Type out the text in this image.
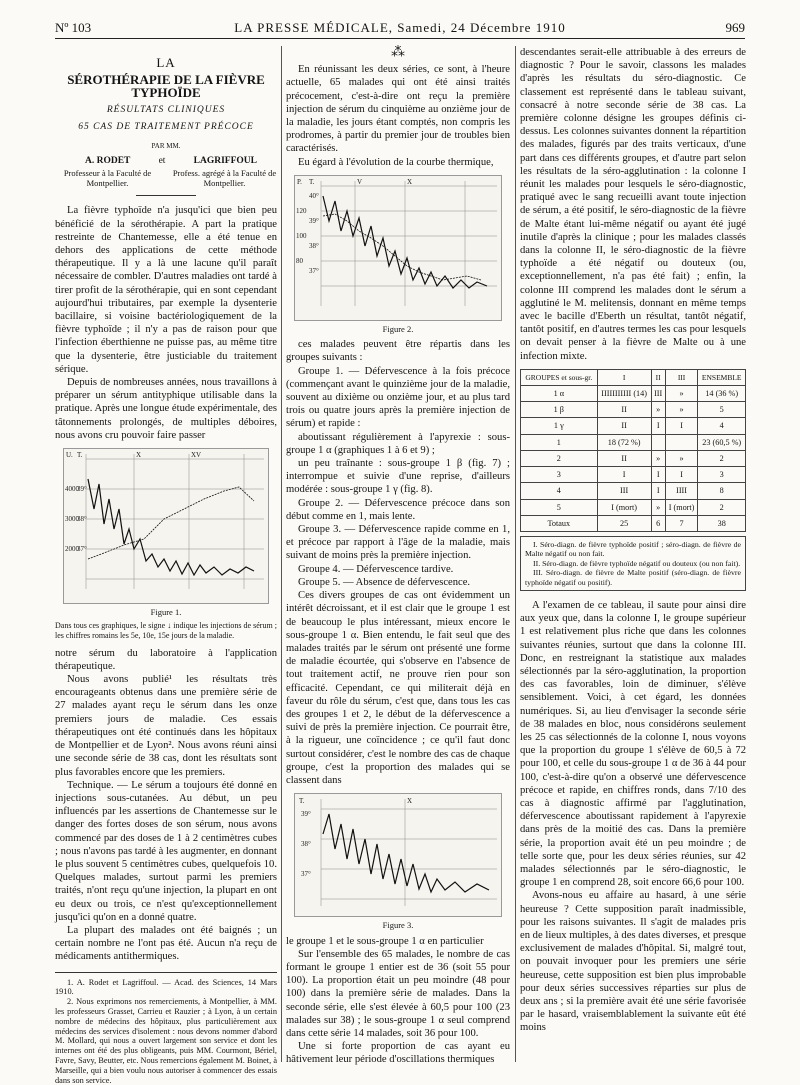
Nº 103	LA PRESSE MÉDICALE, Samedi, 24 Décembre 1910	969
LA
SÉROTHÉRAPIE DE LA FIÈVRE TYPHOÏDE
RÉSULTATS CLINIQUES
65 CAS DE TRAITEMENT PRÉCOCE
PAR MM.
A. RODET	et	LAGRIFFOUL
Professeur à la Faculté de Montpellier.
Profess. agrégé à la Faculté de Montpellier.

La fièvre typhoïde n'a jusqu'ici que bien peu bénéficié de la sérothérapie. A part la pratique restreinte de Chantemesse, elle a été tenue en dehors des applications de cette méthode thérapeutique. Il y a là une lacune qu'il paraît nécessaire de combler. D'autres maladies ont tardé à tirer profit de la sérothérapie, qui en sont cependant aujourd'hui tributaires, par exemple la dysenterie bacillaire, si voisine bactériologiquement de la fièvre typhoïde ; il n'y a pas de raison pour que l'infection éberthienne ne puisse pas, au même titre que la dysenterie, être justiciable du traitement sérique.

Depuis de nombreuses années, nous travaillons à préparer un sérum antityphique utilisable dans la pratique. Après une longue étude expérimentale, des tâtonnements prolongés, de multiples déboires, nous avons cru pouvoir faire passer

U. T.
4000
39°
3000
38°
2000
37°
X	XV

Figure 1.

Dans tous ces graphiques, le signe ↓ indique les injections de sérum ; les chiffres romains les 5e, 10e, 15e jours de la maladie.

notre sérum du laboratoire à l'application thérapeutique.

Nous avons publié¹ les résultats très encourageants obtenus dans une première série de 27 malades ayant reçu le sérum dans les onze premiers jours de maladie. Ces essais thérapeutiques ont été continués dans les hôpitaux de Montpellier et de Lyon². Nous avons réuni ainsi une seconde série de 38 cas, dont les résultats sont plus favorables encore que les premiers.

Technique. — Le sérum a toujours été donné en injections sous-cutanées. Au début, un peu influencés par les assertions de Chantemesse sur le danger des fortes doses de son sérum, nous avons commencé par des doses de 1 à 2 centimètres cubes ; nous n'avons pas tardé à les augmenter, en donnant le plus souvent 5 centimètres cubes, quelquefois 10. Quelques malades, surtout parmi les premiers traités, n'ont reçu qu'une injection, la plupart en ont eu deux ou trois, ce n'est qu'exceptionnellement jusqu'ici qu'on en a donné quatre.

La plupart des malades ont été baignés ; un certain nombre ne l'ont pas été. Aucun n'a reçu de médicaments antithermiques.

1. A. Rodet et Lagriffoul. — Acad. des Sciences, 14 Mars 1910.

2. Nous exprimons nos remerciements, à Montpellier, à MM. les professeurs Grasset, Carrieu et Rauzier ; à Lyon, à un certain nombre de médecins des hôpitaux, plus particulièrement aux médecins des services d'isolement : nous devons nommer d'abord M. Mollard, qui nous a ouvert largement son service et dont les internes ont été des plus obligeants, puis MM. Courmont, Bériel, Favre, Savy, Beutter, etc. Nous remercions également M. Boinet, à Marseille, qui a bien voulu nous autoriser à commencer des essais dans son service.

⁂

En réunissant les deux séries, ce sont, à l'heure actuelle, 65 malades qui ont été ainsi traités précocement, c'est-à-dire ont reçu la première injection de sérum du cinquième au onzième jour de la maladie, les jours étant comptés, non compris les prodromes, à partir du premier jour de troubles bien caractérisés.

Eu égard à l'évolution de la courbe thermique,

P. T.
40°
120
39°
100
38°
80
37°
V	X

Figure 2.

ces malades peuvent être répartis dans les groupes suivants :

Groupe 1. — Défervescence à la fois précoce (commençant avant le quinzième jour de la maladie, souvent au dixième ou onzième jour, et au plus tard trois ou quatre jours après la première injection de sérum) et rapide :

aboutissant régulièrement à l'apyrexie : sous-groupe 1 α (graphiques 1 à 6 et 9) ;

un peu traînante : sous-groupe 1 β (fig. 7) ; interrompue et suivie d'une reprise, d'ailleurs modérée : sous-groupe 1 γ (fig. 8).

Groupe 2. — Défervescence précoce dans son début comme en 1, mais lente.

Groupe 3. — Défervescence rapide comme en 1, et précoce par rapport à l'âge de la maladie, mais suivant de moins près la première injection.

Groupe 4. — Défervescence tardive.

Groupe 5. — Absence de défervescence.

Ces divers groupes de cas ont évidemment un intérêt décroissant, et il est clair que le groupe 1 est de beaucoup le plus intéressant, mieux encore le sous-groupe 1 α. Bien entendu, le fait seul que des malades traités par le sérum ont présenté une forme de maladie écourtée, qui s'observe en l'absence de tout traitement actif, ne prouve rien pour son efficacité. Cependant, ce qui militerait déjà en faveur du rôle du sérum, c'est que, dans tous les cas des groupes 1 et 2, le début de la défervescence a suivi de près la première injection. Ce pourrait être, à la rigueur, une coïncidence ; ce qu'il faut donc surtout considérer, c'est le nombre des cas de chaque groupe, c'est la proportion des malades qui se classent dans

T.
39°
38°
37°
X

Figure 3.

le groupe 1 et le sous-groupe 1 α en particulier

Sur l'ensemble des 65 malades, le nombre de cas formant le groupe 1 entier est de 36 (soit 55 pour 100). La proportion était un peu moindre (48 pour 100) dans la première série de malades. Dans la seconde série, elle s'est élevée à 60,5 pour 100 (23 malades sur 38) ; le sous-groupe 1 α seul comprend dans cette série 14 malades, soit 36 pour 100.

Une si forte proportion de cas ayant eu hâtivement leur période d'oscillations thermiques

descendantes serait-elle attribuable à des erreurs de diagnostic ? Pour le savoir, classons les malades d'après les résultats du séro-diagnostic. Ce classement est représenté dans le tableau suivant, consacré à notre seconde série de 38 cas. La première colonne désigne les groupes définis ci-dessus. Les colonnes suivantes donnent la répartition des malades, figurés par des traits verticaux, d'une part dans ces différents groupes, et d'autre part selon les résultats de la séro-agglutination : la colonne I réunit les malades pour lesquels le séro-diagnostic, pratiqué avec le sang recueilli avant toute injection de sérum, a été positif, le séro-diagnostic de la fièvre de Malte étant lui-même négatif ou ayant été jugé inutile d'après la clinique ; pour les malades classés dans la colonne II, le séro-diagnostic de la fièvre typhoïde a été négatif ou douteux (ou, exceptionnellement, n'a pas été fait) ; enfin, la colonne III comprend les malades dont le sérum a agglutiné le M. melitensis, donnant en même temps avec le bacille d'Eberth un résultat, tantôt négatif, tantôt positif, en d'autres termes les cas pour lesquels on devait penser à la fièvre de Malte ou à une infection mixte.

GROUPES et sous-gr.	I	II	III	ENSEMBLE
1 α	IIIIIIIIIII (14)	III	»	14 (36 %)
1 β	II	»	»	5
1 γ	II	I	I	4
1	18 (72 %)			23 (60,5 %)
2	II	»	»	2
3	I	I	I	3
4	III	I	IIII	8
5	I (mort)	»	I (mort)	2
Totaux	25	6	7	38
I. Séro-diagn. de fièvre typhoïde positif ; séro-diagn. de fièvre de Malte négatif ou non fait.
II. Séro-diagn. de fièvre typhoïde négatif ou douteux (ou non fait).
III. Séro-diagn. de fièvre de Malte positif (séro-diagn. de fièvre typhoïde négatif ou positif).

A l'examen de ce tableau, il saute pour ainsi dire aux yeux que, dans la colonne I, le groupe supérieur 1 est relativement plus riche que dans les colonnes suivantes réunies, surtout que dans la colonne III. Donc, en restreignant la statistique aux malades sélectionnés par la séro-agglutination, la proportion des cas favorables, loin de diminuer, s'élève sensiblement. Voici, à cet égard, les données numériques. Si, au lieu d'envisager la seconde série de 38 malades en bloc, nous considérons seulement les 25 cas sélectionnés de la colonne I, nous voyons que la proportion du groupe 1 s'élève de 60,5 à 72 pour 100, et celle du sous-groupe 1 α de 36 à 44 pour 100, c'est-à-dire qu'on a observé une défervescence précoce et rapide, en chiffres ronds, dans 7/10 des cas à diagnostic affirmé par l'agglutination, défervescence aboutissant rapidement à l'apyrexie dans près de la moitié des cas. Dans la première série, la proportion avait été un peu moindre ; de telle sorte que, pour les deux séries réunies, sur 42 malades sélectionnés par le séro-diagnostic, le groupe 1 en comprend 28, soit encore 66,6 pour 100.

Avons-nous eu affaire au hasard, à une série heureuse ? Cette supposition paraît inadmissible, pour les raisons suivantes. Il s'agit de malades pris en de lieux multiples, à des dates diverses, et presque exclusivement de malades d'hôpital. Si, malgré tout, on pouvait invoquer pour les premiers une série heureuse, cette supposition est bien plus improbable pour deux séries successives réparties sur plus de deux ans ; si la première avait été une série favorisée par le hasard, vraisemblablement la suivante eût été moins
